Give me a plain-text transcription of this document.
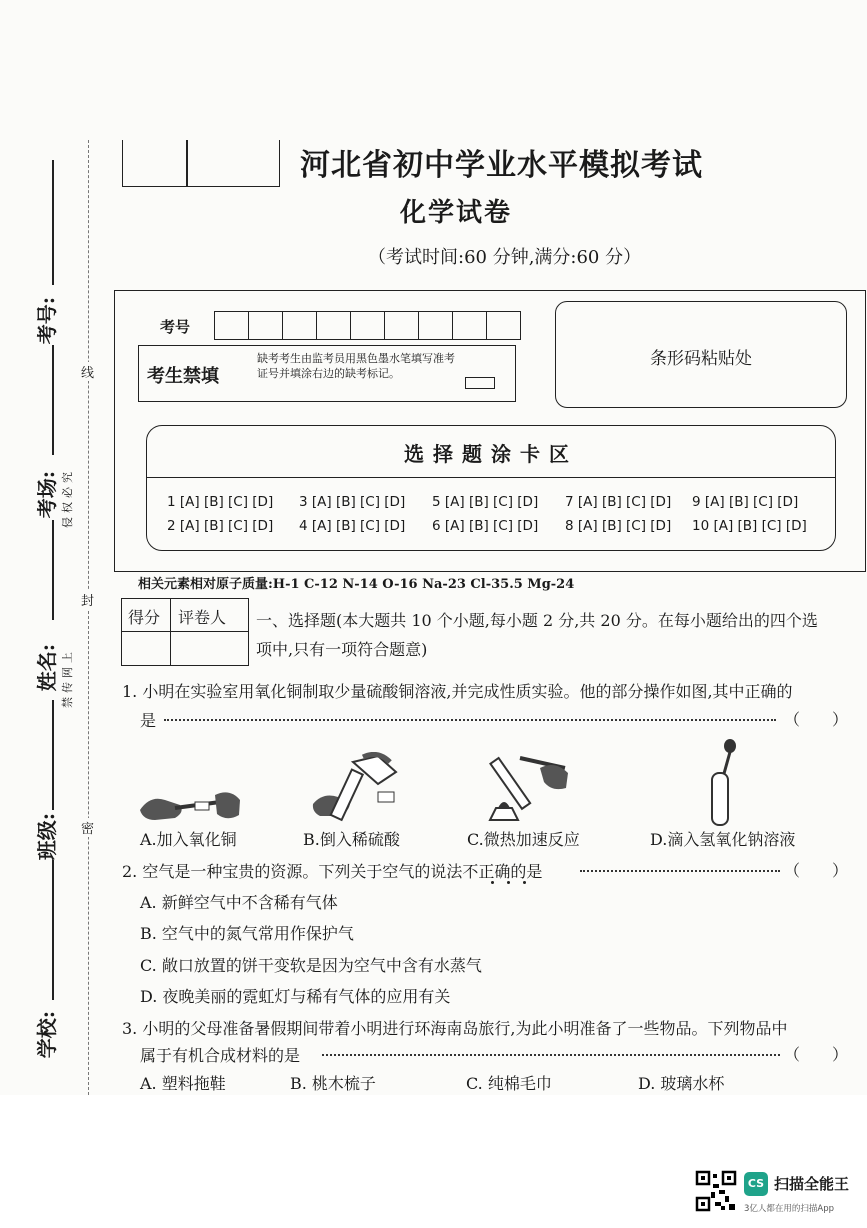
考号:
考场:
姓名:
班级:
学校:
线
封
密
侵权必究
禁传网上
河北省初中学业水平模拟考试
化学试卷
（考试时间:60 分钟,满分:60 分）
考号
考生禁填
缺考考生由监考员用黑色墨水笔填写准考证号并填涂右边的缺考标记。
条形码粘贴处
选择题涂卡区
1 [A] [B] [C] [D] 3 [A] [B] [C] [D] 5 [A] [B] [C] [D] 7 [A] [B] [C] [D] 9 [A] [B] [C] [D]
2 [A] [B] [C] [D] 4 [A] [B] [C] [D] 6 [A] [B] [C] [D] 8 [A] [B] [C] [D] 10 [A] [B] [C] [D]
相关元素相对原子质量:H-1 C-12 N-14 O-16 Na-23 Cl-35.5 Mg-24
得分 评卷人 一、选择题(本大题共 10 个小题,每小题 2 分,共 20 分。在每小题给出的四个选
项中,只有一项符合题意)
1. 小明在实验室用氧化铜制取少量硫酸铜溶液,并完成性质实验。他的部分操作如图,其中正确的
是	（　　）
A.加入氧化铜	B.倒入稀硫酸	C.微热加速反应	D.滴入氢氧化钠溶液
2. 空气是一种宝贵的资源。下列关于空气的说法不正确的是	（　　）
A. 新鲜空气中不含稀有气体
B. 空气中的氮气常用作保护气
C. 敞口放置的饼干变软是因为空气中含有水蒸气
D. 夜晚美丽的霓虹灯与稀有气体的应用有关
3. 小明的父母准备暑假期间带着小明进行环海南岛旅行,为此小明准备了一些物品。下列物品中
属于有机合成材料的是	（　　）
A. 塑料拖鞋	B. 桃木梳子	C. 纯棉毛巾	D. 玻璃水杯
CS 扫描全能王
3亿人都在用的扫描App
